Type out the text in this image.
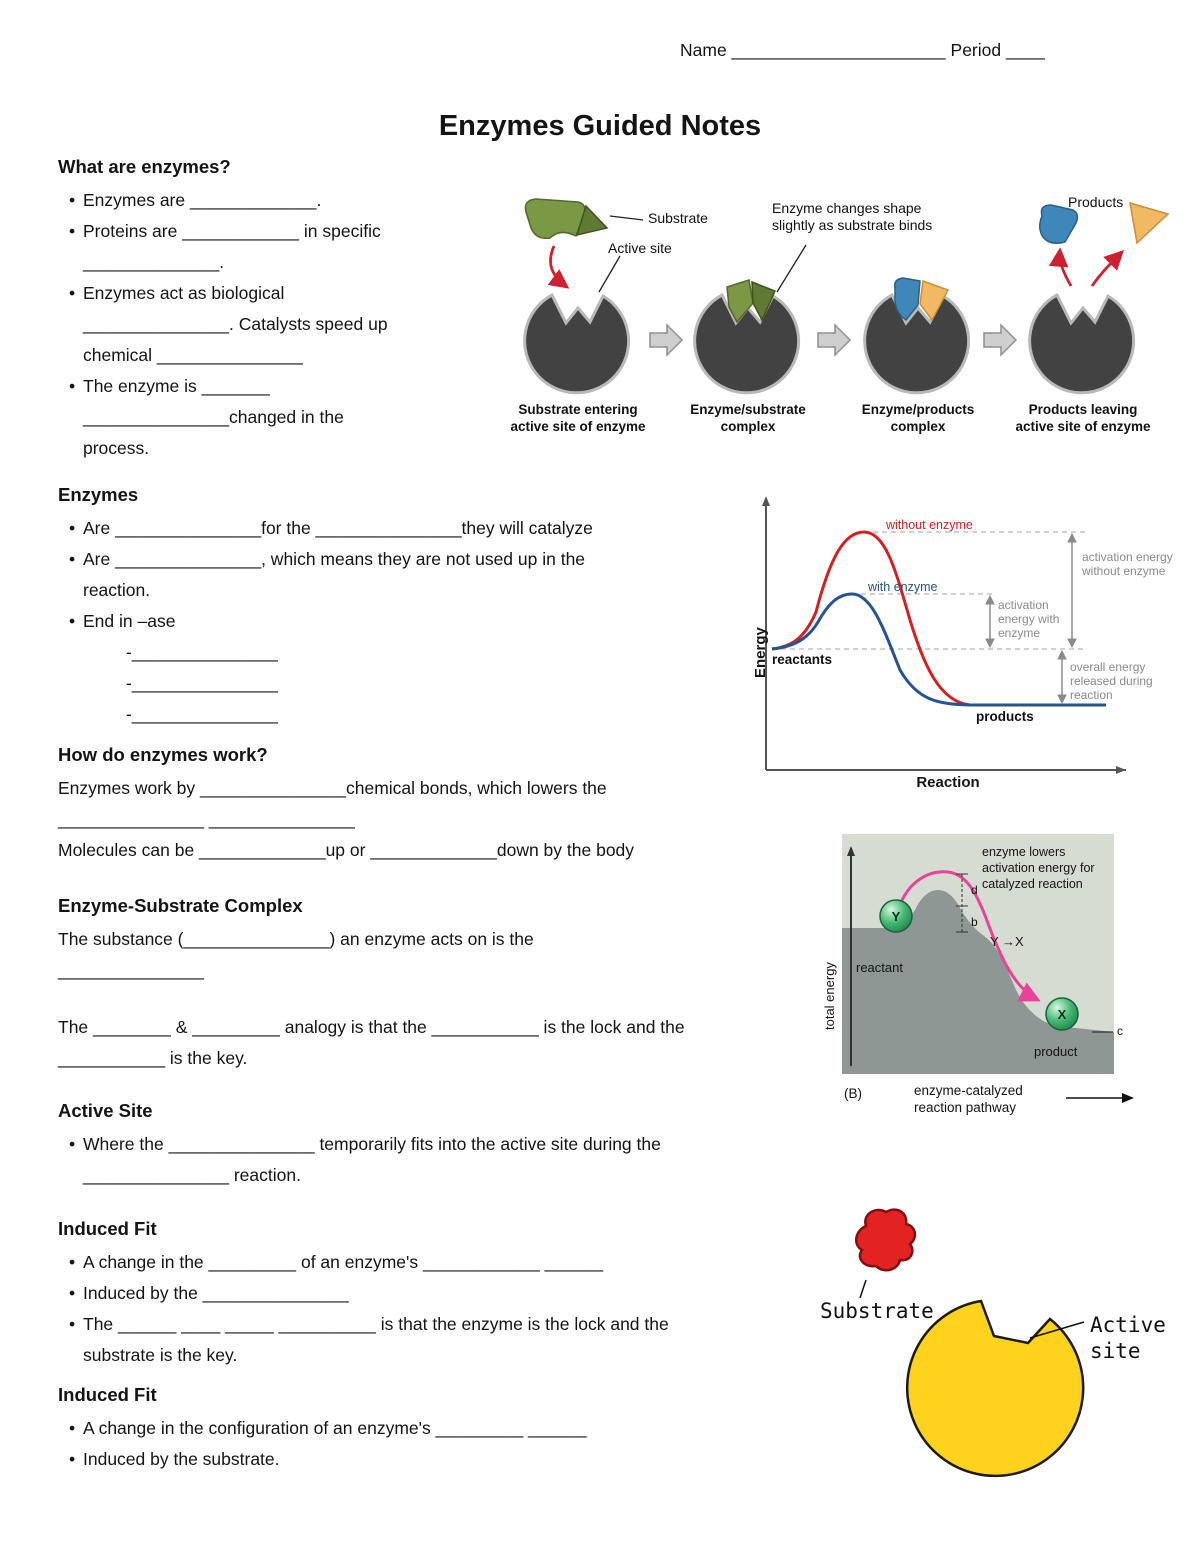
Name ______________________ Period ____
Enzymes Guided Notes
What are enzymes?
• Enzymes are _____________.
• Proteins are ____________ in specific ______________.
• Enzymes act as biological _______________. Catalysts speed up chemical _______________
• The enzyme is _______ _______________changed in the process.
Substrate
Active site
Enzyme changes shape slightly as substrate binds
Products
Substrate entering active site of enzyme
Enzyme/substrate complex
Enzyme/products complex
Products leaving active site of enzyme
Enzymes
• Are _______________for the _______________they will catalyze
• Are _______________, which means they are not used up in the reaction.
• End in –ase
-_______________
-_______________
-_______________
Energy
Reaction
reactants
products
without enzyme
with enzyme
activation energy without enzyme
activation energy with enzyme
overall energy released during reaction
How do enzymes work?

Enzymes work by _______________chemical bonds, which lowers the _______________ _______________

Molecules can be _____________up or _____________down by the body

Enzyme-Substrate Complex

The substance (_______________) an enzyme acts on is the _______________

The ________ & _________ analogy is that the ___________ is the lock and the ___________ is the key.

d
b
Y
X
total energy
enzyme lowers activation energy for catalyzed reaction
Y →X
reactant
product
c
(B)	enzyme-catalyzed reaction pathway
Active Site
• Where the _______________ temporarily fits into the active site during the _______________ reaction.
Induced Fit
• A change in the _________ of an enzyme's ____________ ______
• Induced by the _______________
• The ______ ____ _____ __________ is that the enzyme is the lock and the substrate is the key.
Induced Fit
• A change in the configuration of an enzyme's _________ ______
• Induced by the substrate.
Substrate
Active site
